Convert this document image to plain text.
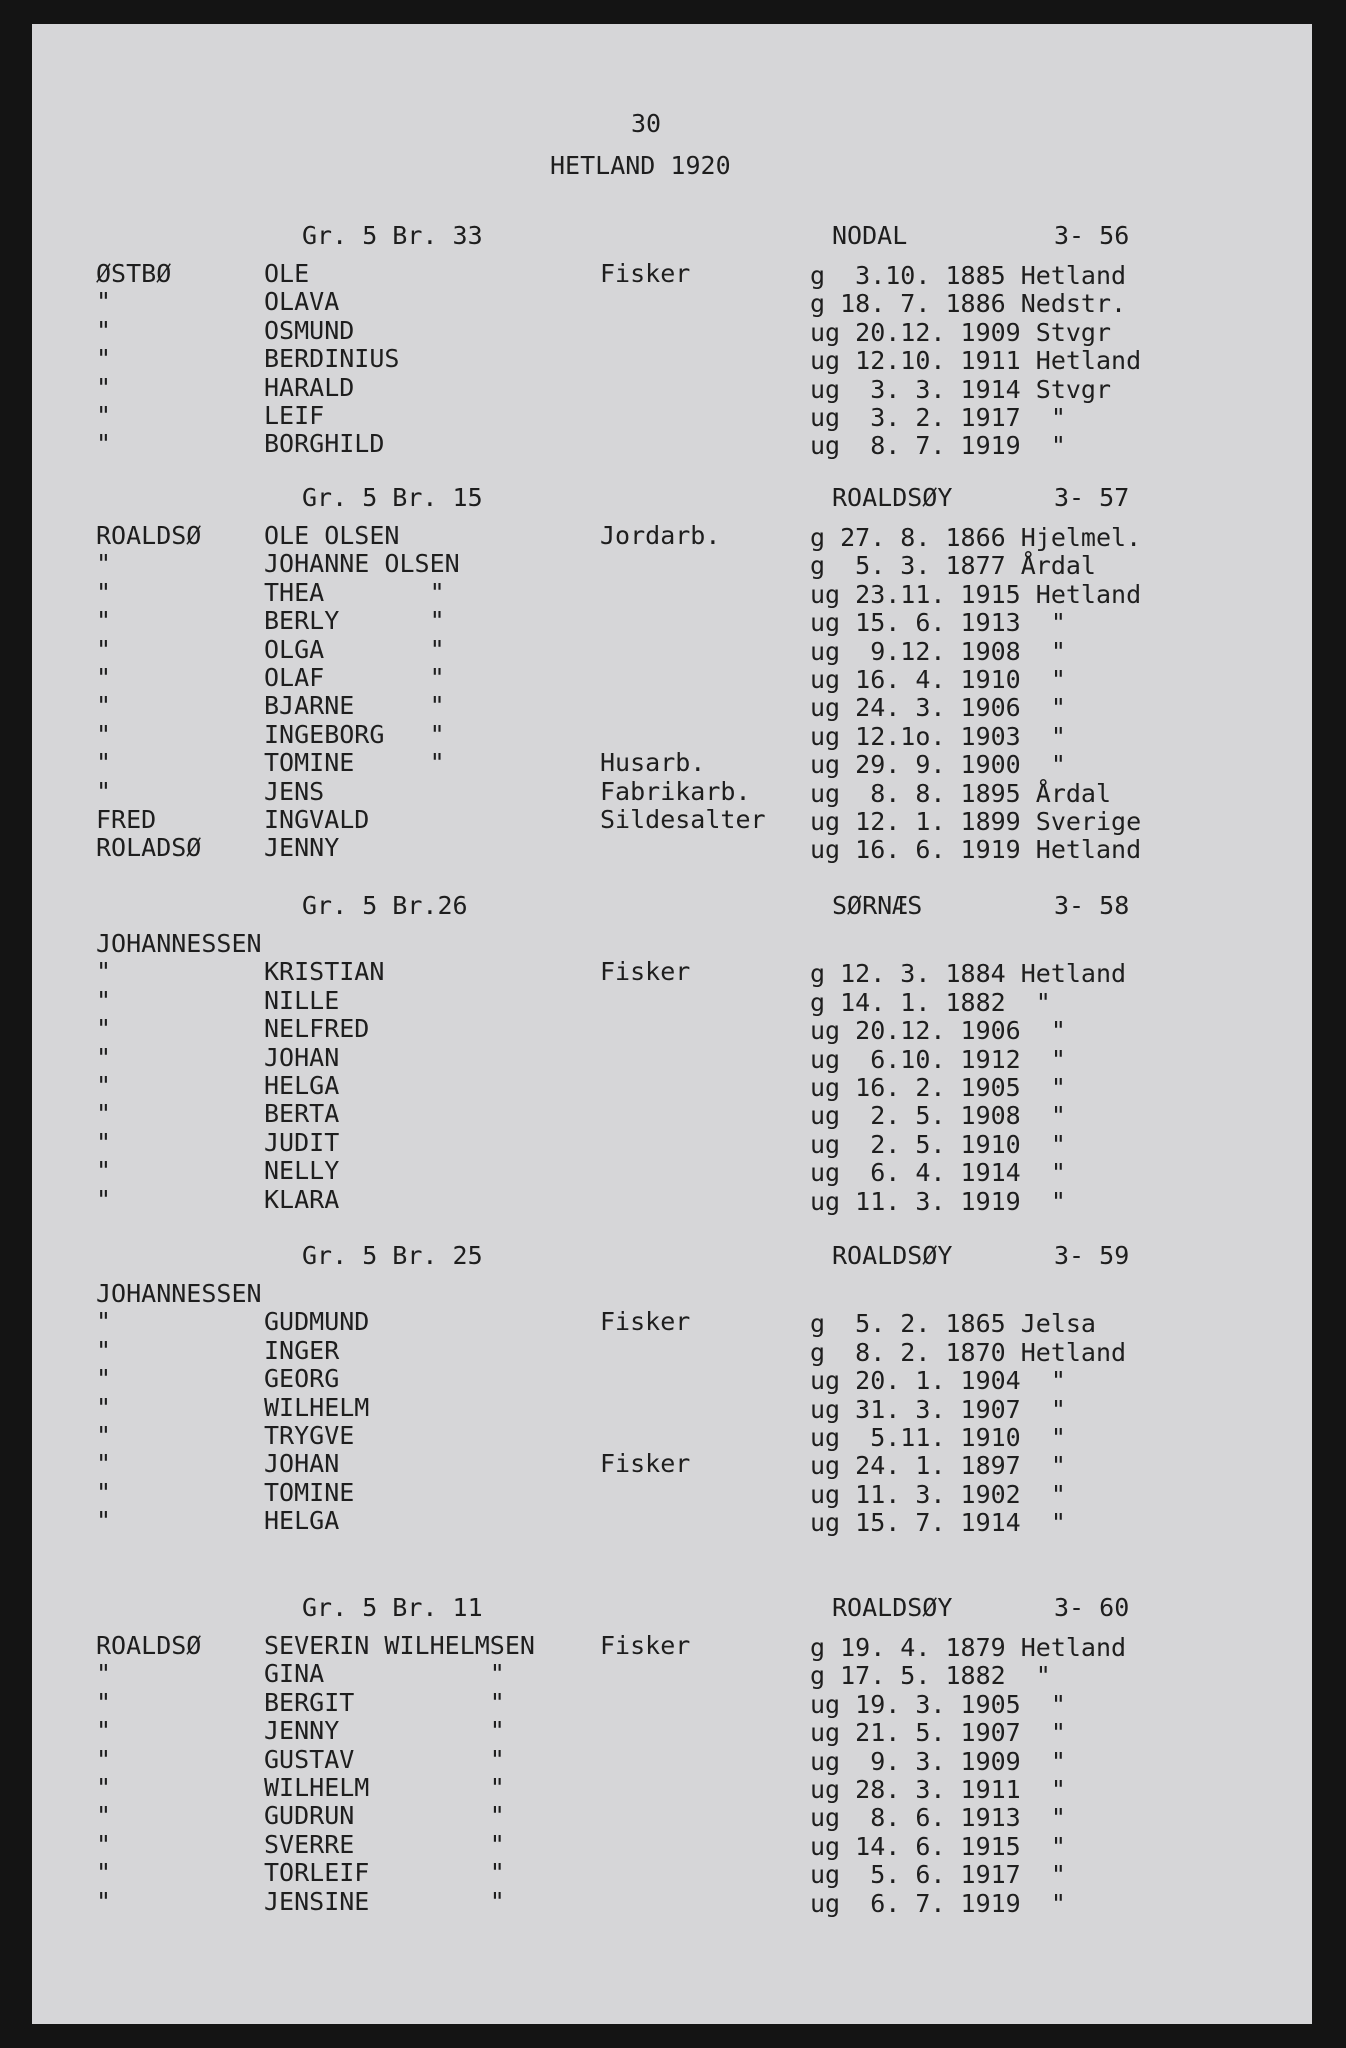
30

HETLAND 1920

Gr. 5 Br. 33	NODAL	3- 56

ØSTBØ	OLE	Fisker	g  3.10. 1885 Hetland

"	OLAVA	g 18. 7. 1886 Nedstr.

"	OSMUND	ug 20.12. 1909 Stvgr

"	BERDINIUS	ug 12.10. 1911 Hetland

"	HARALD	ug  3. 3. 1914 Stvgr

"	LEIF	ug  3. 2. 1917  "

"	BORGHILD	ug  8. 7. 1919  "

Gr. 5 Br. 15	ROALDSØY	3- 57

ROALDSØ	OLE OLSEN	Jordarb.	g 27. 8. 1866 Hjelmel.

"	JOHANNE OLSEN	g  5. 3. 1877 Årdal

"	THEA       "	ug 23.11. 1915 Hetland

"	BERLY      "	ug 15. 6. 1913  "

"	OLGA       "	ug  9.12. 1908  "

"	OLAF       "	ug 16. 4. 1910  "

"	BJARNE     "	ug 24. 3. 1906  "

"	INGEBORG   "	ug 12.1o. 1903  "

"	TOMINE     "	Husarb.	ug 29. 9. 1900  "

"	JENS	Fabrikarb. ug  8. 8. 1895 Årdal

FRED	INGVALD	Sildesalter ug 12. 1. 1899 Sverige

ROLADSØ	JENNY	ug 16. 6. 1919 Hetland

Gr. 5 Br.26	SØRNÆS	3- 58

JOHANNESSEN

"	KRISTIAN	Fisker	g 12. 3. 1884 Hetland

"	NILLE	g 14. 1. 1882  "

"	NELFRED	ug 20.12. 1906  "

"	JOHAN	ug  6.10. 1912  "

"	HELGA	ug 16. 2. 1905  "

"	BERTA	ug  2. 5. 1908  "

"	JUDIT	ug  2. 5. 1910  "

"	NELLY	ug  6. 4. 1914  "

"	KLARA	ug 11. 3. 1919  "

Gr. 5 Br. 25	ROALDSØY	3- 59

JOHANNESSEN

"	GUDMUND	Fisker	g  5. 2. 1865 Jelsa

"	INGER	g  8. 2. 1870 Hetland

"	GEORG	ug 20. 1. 1904  "

"	WILHELM	ug 31. 3. 1907  "

"	TRYGVE	ug  5.11. 1910  "

"	JOHAN	Fisker	ug 24. 1. 1897  "

"	TOMINE	ug 11. 3. 1902  "

"	HELGA	ug 15. 7. 1914  "

Gr. 5 Br. 11	ROALDSØY	3- 60

ROALDSØ	SEVERIN WILHELMSEN	Fisker	g 19. 4. 1879 Hetland

"	GINA           "	g 17. 5. 1882  "

"	BERGIT         "	ug 19. 3. 1905  "

"	JENNY          "	ug 21. 5. 1907  "

"	GUSTAV         "	ug  9. 3. 1909  "

"	WILHELM        "	ug 28. 3. 1911  "

"	GUDRUN         "	ug  8. 6. 1913  "

"	SVERRE         "	ug 14. 6. 1915  "

"	TORLEIF        "	ug  5. 6. 1917  "

"	JENSINE        "	ug  6. 7. 1919  "
